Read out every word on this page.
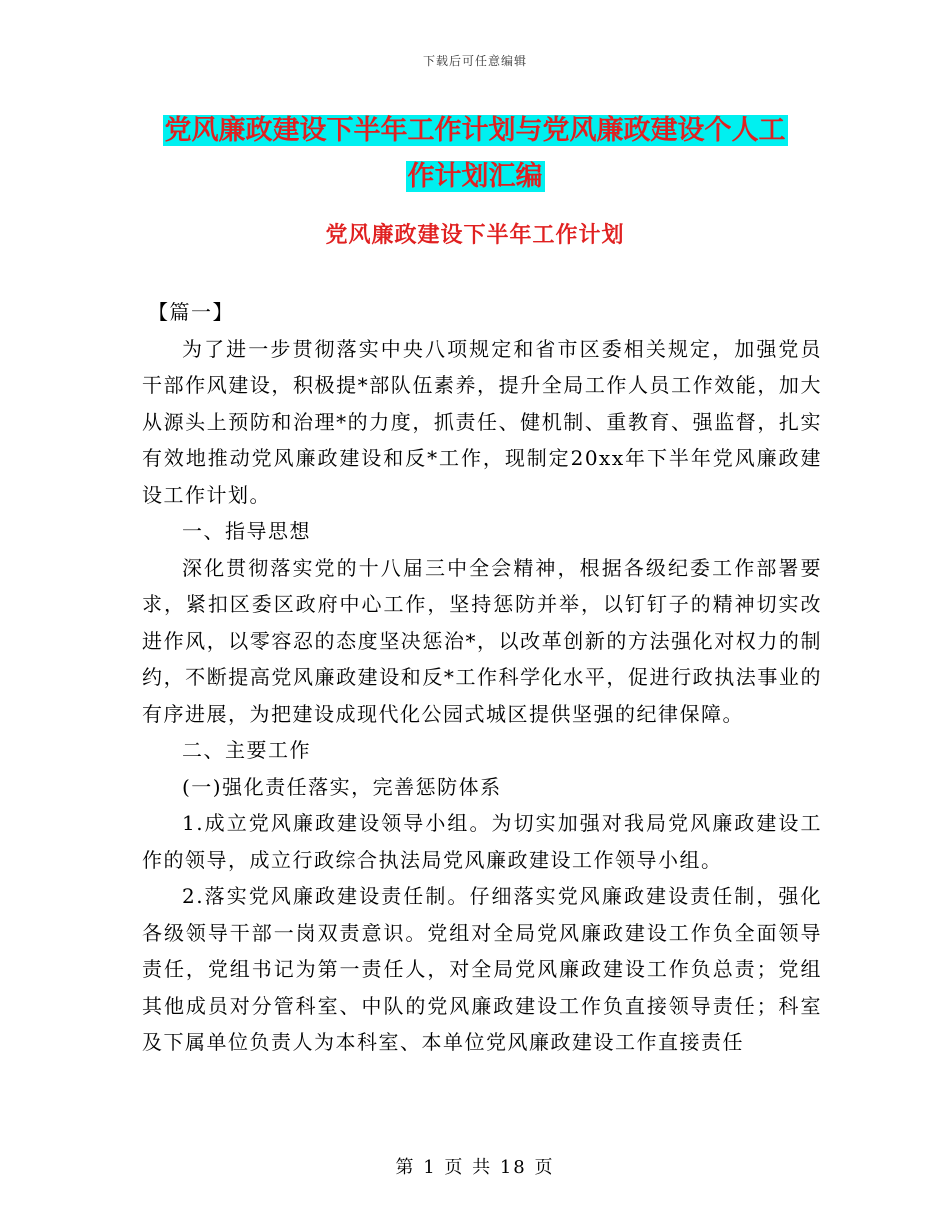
下载后可任意编辑
党风廉政建设下半年工作计划与党风廉政建设个人工
作计划汇编
党风廉政建设下半年工作计划

【篇一】

为了进一步贯彻落实中央八项规定和省市区委相关规定，加强党员干部作风建设，积极提*部队伍素养，提升全局工作人员工作效能，加大从源头上预防和治理*的力度，抓责任、健机制、重教育、强监督，扎实有效地推动党风廉政建设和反*工作，现制定20xx年下半年党风廉政建设工作计划。

一、指导思想

深化贯彻落实党的十八届三中全会精神，根据各级纪委工作部署要求，紧扣区委区政府中心工作，坚持惩防并举，以钉钉子的精神切实改进作风，以零容忍的态度坚决惩治*，以改革创新的方法强化对权力的制约，不断提高党风廉政建设和反*工作科学化水平，促进行政执法事业的有序进展，为把建设成现代化公园式城区提供坚强的纪律保障。

二、主要工作

(一)强化责任落实，完善惩防体系

1.成立党风廉政建设领导小组。为切实加强对我局党风廉政建设工作的领导，成立行政综合执法局党风廉政建设工作领导小组。

2.落实党风廉政建设责任制。仔细落实党风廉政建设责任制，强化各级领导干部一岗双责意识。党组对全局党风廉政建设工作负全面领导责任，党组书记为第一责任人，对全局党风廉政建设工作负总责；党组其他成员对分管科室、中队的党风廉政建设工作负直接领导责任；科室及下属单位负责人为本科室、本单位党风廉政建设工作直接责任

第 1 页 共 18 页
